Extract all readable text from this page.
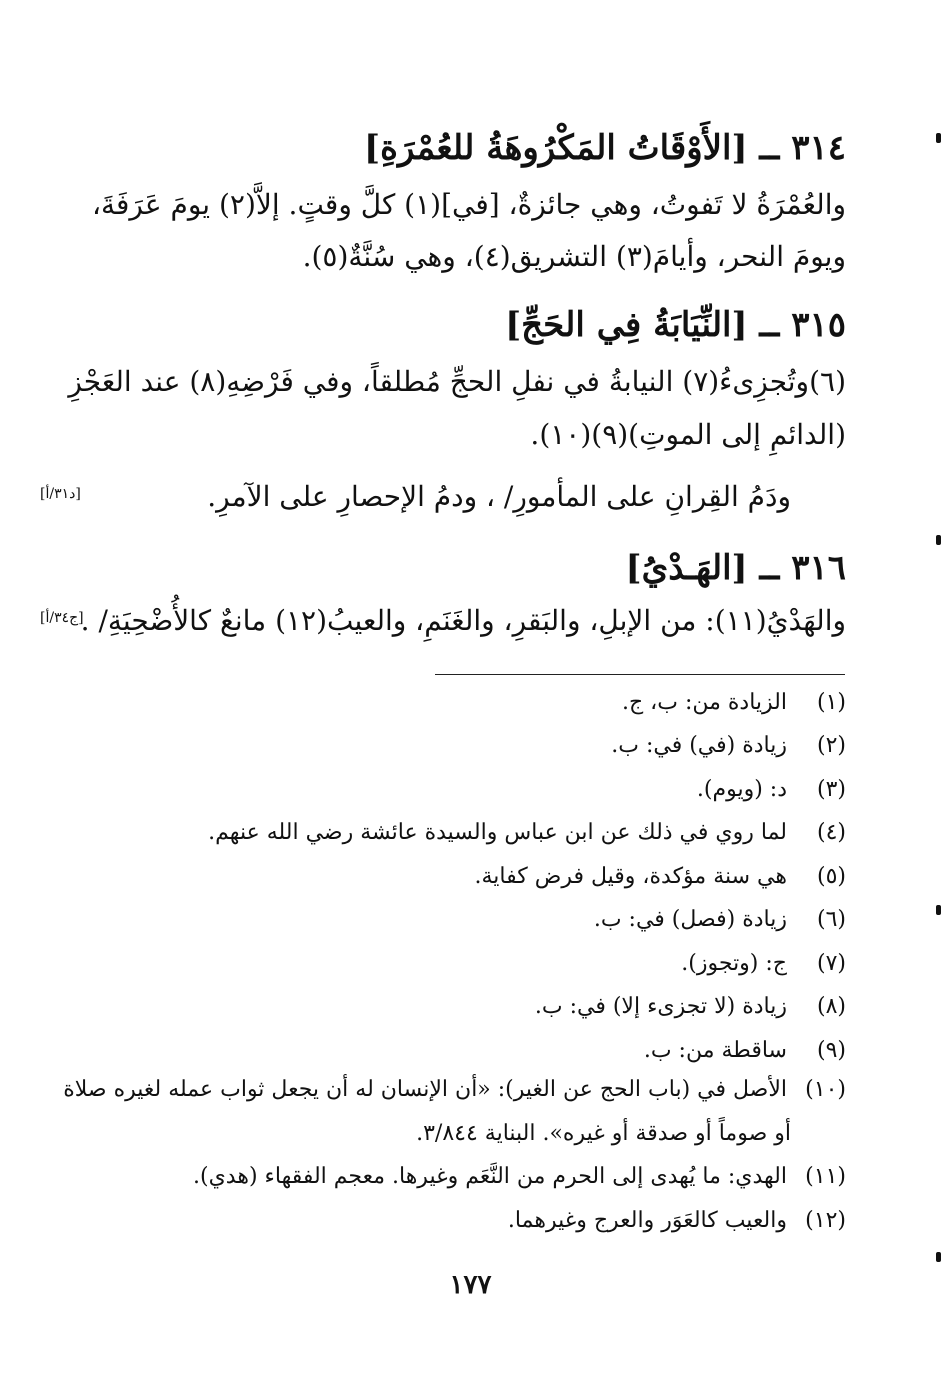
٣١٤ ــ [الأَوْقَاتُ المَكْرُوهَةُ للعُمْرَةِ]
والعُمْرَةُ لا تَفوتُ، وهي جائزةٌ، [في](١) كلَّ وقتٍ. إلاَّ(٢) يومَ عَرَفَةَ،
ويومَ النحر، وأيامَ(٣) التشريق(٤)، وهي سُنَّةٌ(٥).
٣١٥ ــ [النِّيَابَةُ فِي الحَجِّ]
(٦)وتُجزِىءُ(٧) النيابةُ في نفلِ الحجِّ مُطلقاً، وفي فَرْضِهِ(٨) عند العَجْزِ
(الدائمِ إلى الموتِ)(٩)(١٠).
ودَمُ القِرانِ على المأمورِ/ ، ودمُ الإحصارِ على الآمرِ.
[د٣١/أ]
٣١٦ ــ [الهَـدْيُ]
والهَدْيُ(١١): من الإبلِ، والبَقرِ، والغَنَمِ، والعيبُ(١٢) مانعٌ كالأُضْحِيَةِ/ .
[ج٣٤/أ]
(١) الزيادة من: ب، ج.
(٢) زيادة (في) في: ب.
(٣) د: (ويوم).
(٤) لما روي في ذلك عن ابن عباس والسيدة عائشة رضي الله عنهم.
(٥) هي سنة مؤكدة، وقيل فرض كفاية.
(٦) زيادة (فصل) في: ب.
(٧) ج: (وتجوز).
(٨) زيادة (لا تجزىء إلا) في: ب.
(٩) ساقطة من: ب.
(١٠) الأصل في (باب الحج عن الغير): «أن الإنسان له أن يجعل ثواب عمله لغيره صلاة
أو صوماً أو صدقة أو غيره». البناية ٣/٨٤٤.
(١١) الهدي: ما يُهدى إلى الحرم من النَّعَم وغيرها. معجم الفقهاء (هدي).
(١٢) والعيب كالعَوَر والعرج وغيرهما.
١٧٧
